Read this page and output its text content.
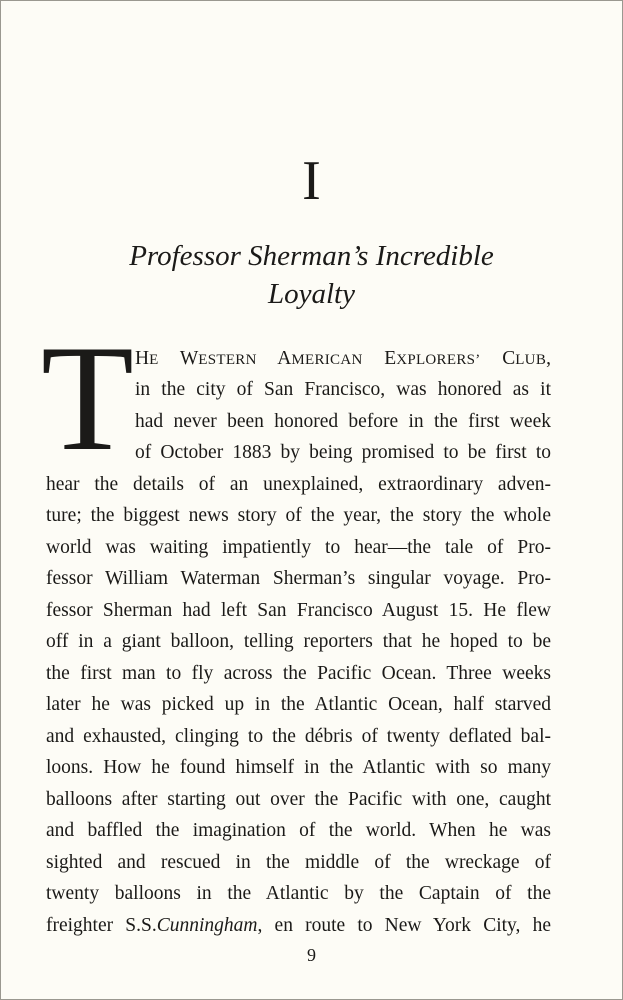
I
Professor Sherman’s Incredible
Loyalty
T HE WESTERN AMERICAN EXPLORERS’ CLUB,
in the city of San Francisco, was honored as it
had never been honored before in the first week
of October 1883 by being promised to be first to
hear the details of an unexplained, extraordinary adven-
ture; the biggest news story of the year, the story the whole
world was waiting impatiently to hear—the tale of Pro-
fessor William Waterman Sherman’s singular voyage. Pro-
fessor Sherman had left San Francisco August 15. He flew
off in a giant balloon, telling reporters that he hoped to be
the first man to fly across the Pacific Ocean. Three weeks
later he was picked up in the Atlantic Ocean, half starved
and exhausted, clinging to the débris of twenty deflated bal-
loons. How he found himself in the Atlantic with so many
balloons after starting out over the Pacific with one, caught
and baffled the imagination of the world. When he was
sighted and rescued in the middle of the wreckage of
twenty balloons in the Atlantic by the Captain of the
freighter S.S.Cunningham, en route to New York City, he
9
